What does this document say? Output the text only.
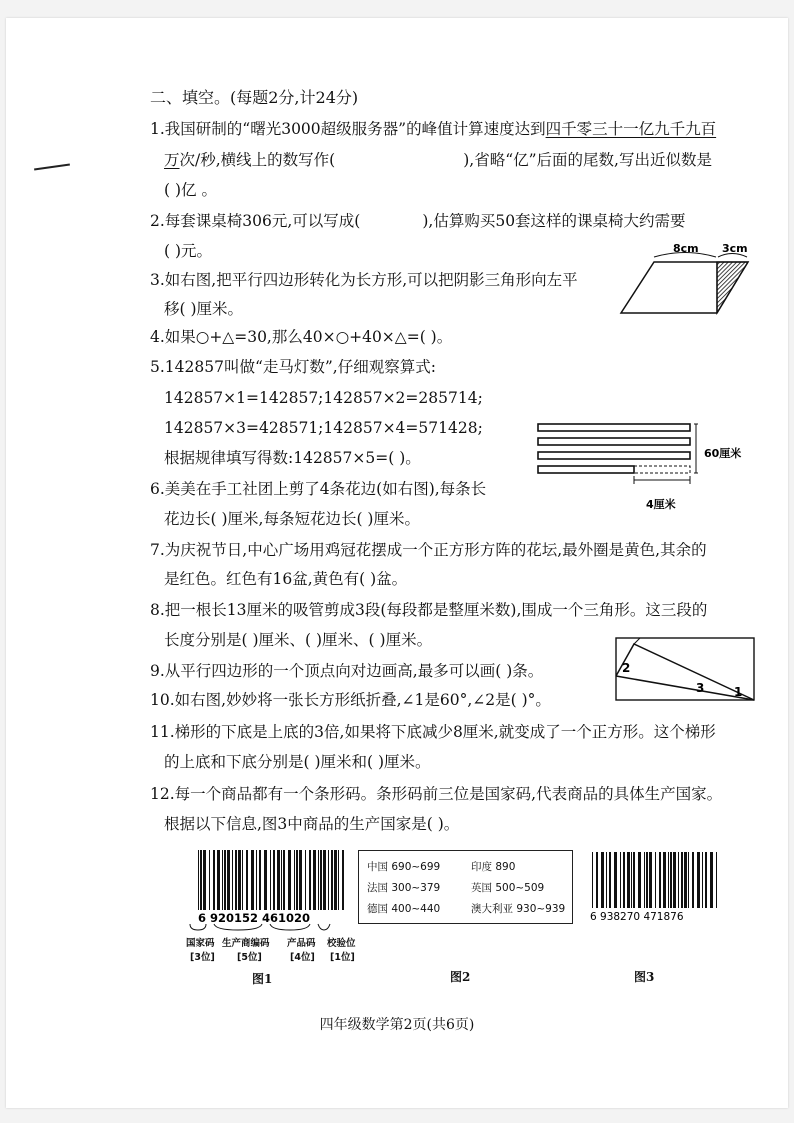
二、填空。(每题2分,计24分)
1.我国研制的“曙光3000超级服务器”的峰值计算速度达到四千零三十一亿九千九百
万次/秒,横线上的数写作(	),省略“亿”后面的尾数,写出近似数是
( )亿 。
2.每套课桌椅306元,可以写成(	),估算购买50套这样的课桌椅大约需要
( )元。
3.如右图,把平行四边形转化为长方形,可以把阴影三角形向左平
移( )厘米。
8cm 3cm
4.如果○+△=30,那么40×○+40×△=( )。
5.142857叫做“走马灯数”,仔细观察算式:
142857×1=142857;142857×2=285714;
142857×3=428571;142857×4=571428;
根据规律填写得数:142857×5=( )。	60厘米
4厘米
6.美美在手工社团上剪了4条花边(如右图),每条长
花边长( )厘米,每条短花边长( )厘米。
7.为庆祝节日,中心广场用鸡冠花摆成一个正方形方阵的花坛,最外圈是黄色,其余的
是红色。红色有16盆,黄色有( )盆。
8.把一根长13厘米的吸管剪成3段(每段都是整厘米数),围成一个三角形。这三段的
长度分别是( )厘米、( )厘米、( )厘米。
9.从平行四边形的一个顶点向对边画高,最多可以画( )条。	2
3 1
10.如右图,妙妙将一张长方形纸折叠,∠1是60°,∠2是( )°。
11.梯形的下底是上底的3倍,如果将下底减少8厘米,就变成了一个正方形。这个梯形
的上底和下底分别是( )厘米和( )厘米。
12.每一个商品都有一个条形码。条形码前三位是国家码,代表商品的具体生产国家。
根据以下信息,图3中商品的生产国家是( )。
6 920152 461020
国家码 生产商编码 产品码 校验位
[3位] [5位]	[4位] [1位]
图1
中国 690~699	印度 890
法国 300~379	英国 500~509
德国 400~440	澳大利亚 930~939
图2
6 938270 471876
图3
四年级数学第2页(共6页)
